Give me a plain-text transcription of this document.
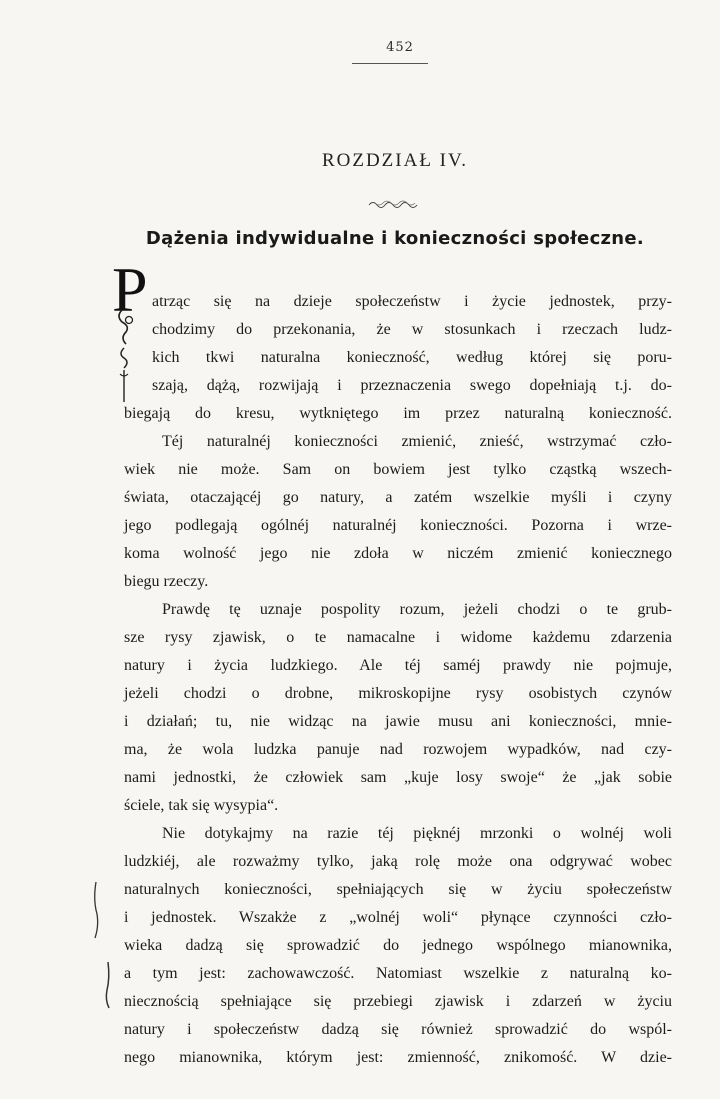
452
ROZDZIAŁ IV.
Dążenia indywidualne i konieczności społeczne.
P atrząc się na dzieje społeczeństw i życie jednostek, przy-
chodzimy do przekonania, że w stosunkach i rzeczach ludz-
kich tkwi naturalna konieczność, według której się poru-
szają, dążą, rozwijają i przeznaczenia swego dopełniają t.j. do-
biegają do kresu, wytkniętego im przez naturalną konieczność.
Téj naturalnéj konieczności zmienić, znieść, wstrzymać czło-
wiek nie może. Sam on bowiem jest tylko cząstką wszech-
świata, otaczającéj go natury, a zatém wszelkie myśli i czyny
jego podlegają ogólnéj naturalnéj konieczności. Pozorna i wrze-
koma wolność jego nie zdoła w niczém zmienić koniecznego
biegu rzeczy.
Prawdę tę uznaje pospolity rozum, jeżeli chodzi o te grub-
sze rysy zjawisk, o te namacalne i widome każdemu zdarzenia
natury i życia ludzkiego. Ale téj saméj prawdy nie pojmuje,
jeżeli chodzi o drobne, mikroskopijne rysy osobistych czynów
i działań; tu, nie widząc na jawie musu ani konieczności, mnie-
ma, że wola ludzka panuje nad rozwojem wypadków, nad czy-
nami jednostki, że człowiek sam „kuje losy swoje“ że „jak sobie
ściele, tak się wysypia“.
Nie dotykajmy na razie téj pięknéj mrzonki o wolnéj woli
ludzkiéj, ale rozważmy tylko, jaką rolę może ona odgrywać wobec
naturalnych konieczności, spełniających się w życiu społeczeństw
i jednostek. Wszakże z „wolnéj woli“ płynące czynności czło-
wieka dadzą się sprowadzić do jednego wspólnego mianownika,
a tym jest: zachowawczość. Natomiast wszelkie z naturalną ko-
niecznością spełniające się przebiegi zjawisk i zdarzeń w życiu
natury i społeczeństw dadzą się również sprowadzić do wspól-
nego mianownika, którym jest: zmienność, znikomość. W dzie-
